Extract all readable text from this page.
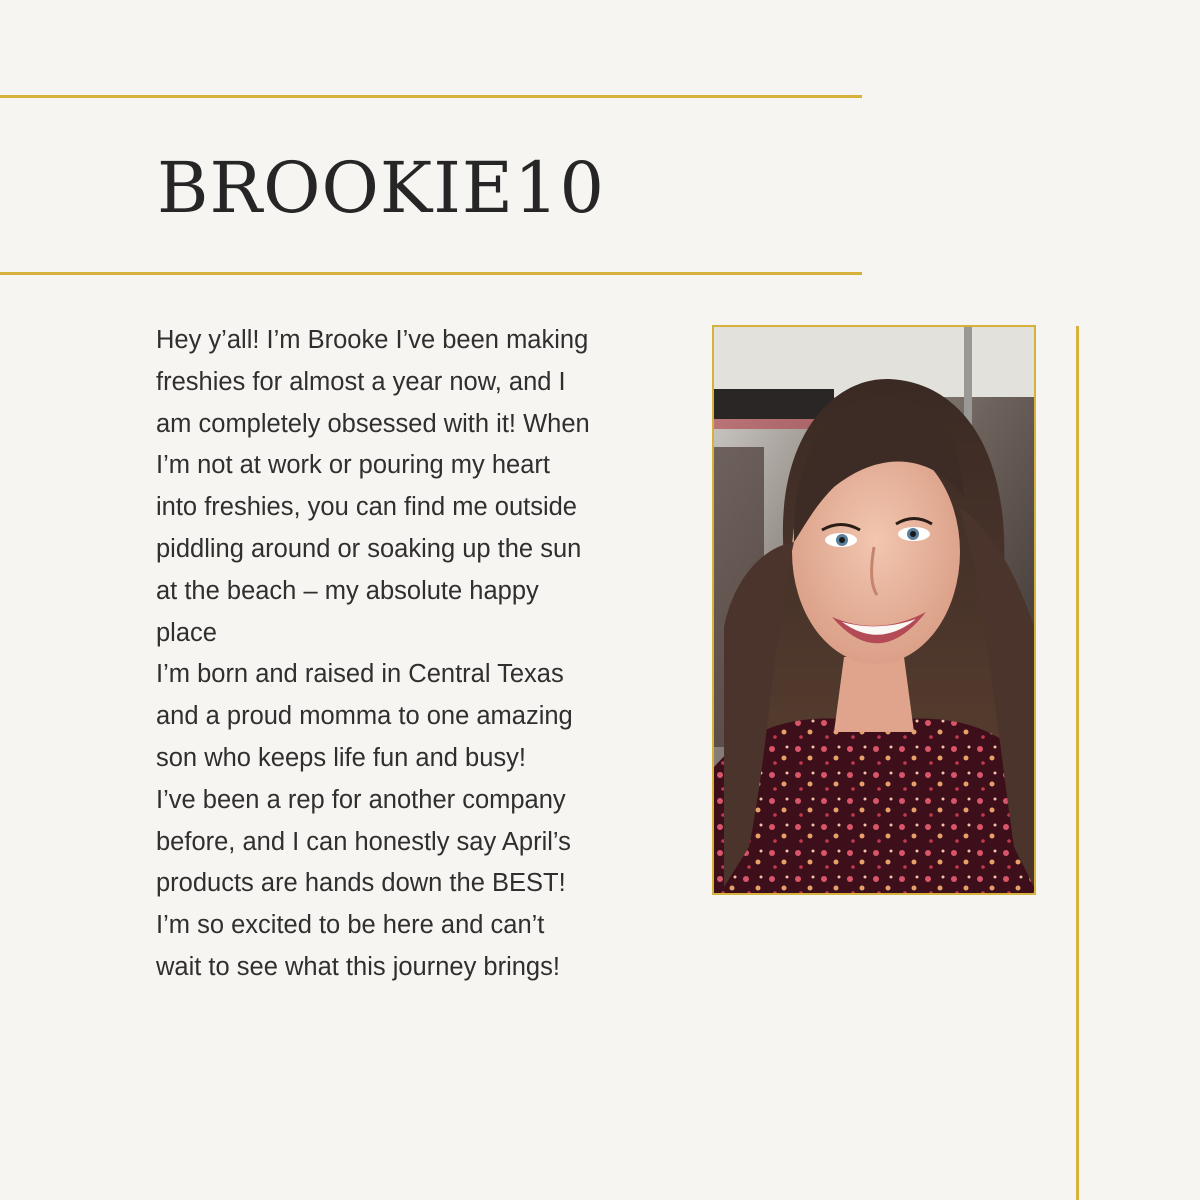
BROOKIE10

Hey y’all! I’m Brooke I’ve been making freshies for almost a year now, and I am completely obsessed with it! When I’m not at work or pouring my heart into freshies, you can find me outside piddling around or soaking up the sun at the beach – my absolute happy place

I’m born and raised in Central Texas and a proud momma to one amazing son who keeps life fun and busy!

I’ve been a rep for another company before, and I can honestly say April’s products are hands down the BEST! I’m so excited to be here and can’t wait to see what this journey brings!
